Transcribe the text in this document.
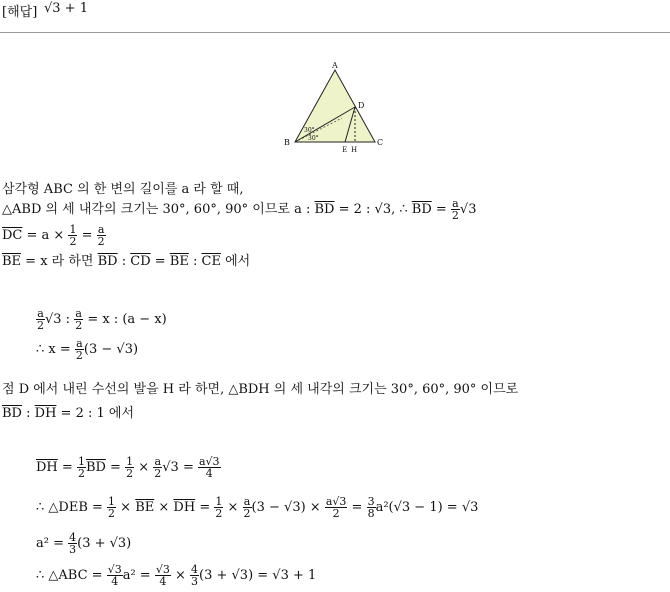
[해답] √3 + 1
A
B	C
D
E H
30°
30°
삼각형 ABC 의 한 변의 길이를 a 라 할 때,
△ABD 의 세 내각의 크기는 30°, 60°, 90° 이므로 a : $\overline{BD} = 2$ : √3, ∴ $\overline{BD} = \frac{a}{2} √3$
$\overline{DC} = a \times \frac{1}{2} = \frac{a}{2}$
$\overline{BE} = x$ 라 하면 $\overline{BD}$ : $\overline{CD} = \overline{BE}$ : $\overline{CE}$ 에서
$\frac{a}{2} √3$ : $\frac{a}{2} = x$ : (a − x)
∴ $x = \frac{a}{2} (3 - √3)$
점 D 에서 내린 수선의 발을 H 라 하면, △BDH 의 세 내각의 크기는 30°, 60°, 90° 이므로
$\overline{BD}$ : $\overline{DH} = 2$ : 1 에서
$\overline{DH} = \frac{1}{2} \overline{BD} = \frac{1}{2} \times \frac{a}{2} √3 = \frac{a√3}{4}$
∴ △DEB = $\frac{1}{2} \times \overline{BE} \times \overline{DH} = \frac{1}{2} \times \frac{a}{2} (3 - √3) \times \frac{a√3}{2} = \frac{3}{8} a^2(√3 - 1) = √3$
$a^2 = \frac{4}{3} (3 + √3)$
∴ △ABC = $\frac{√3}{4} a^2 = \frac{√3}{4} \times \frac{4}{3} (3 + √3) = √3 + 1$
